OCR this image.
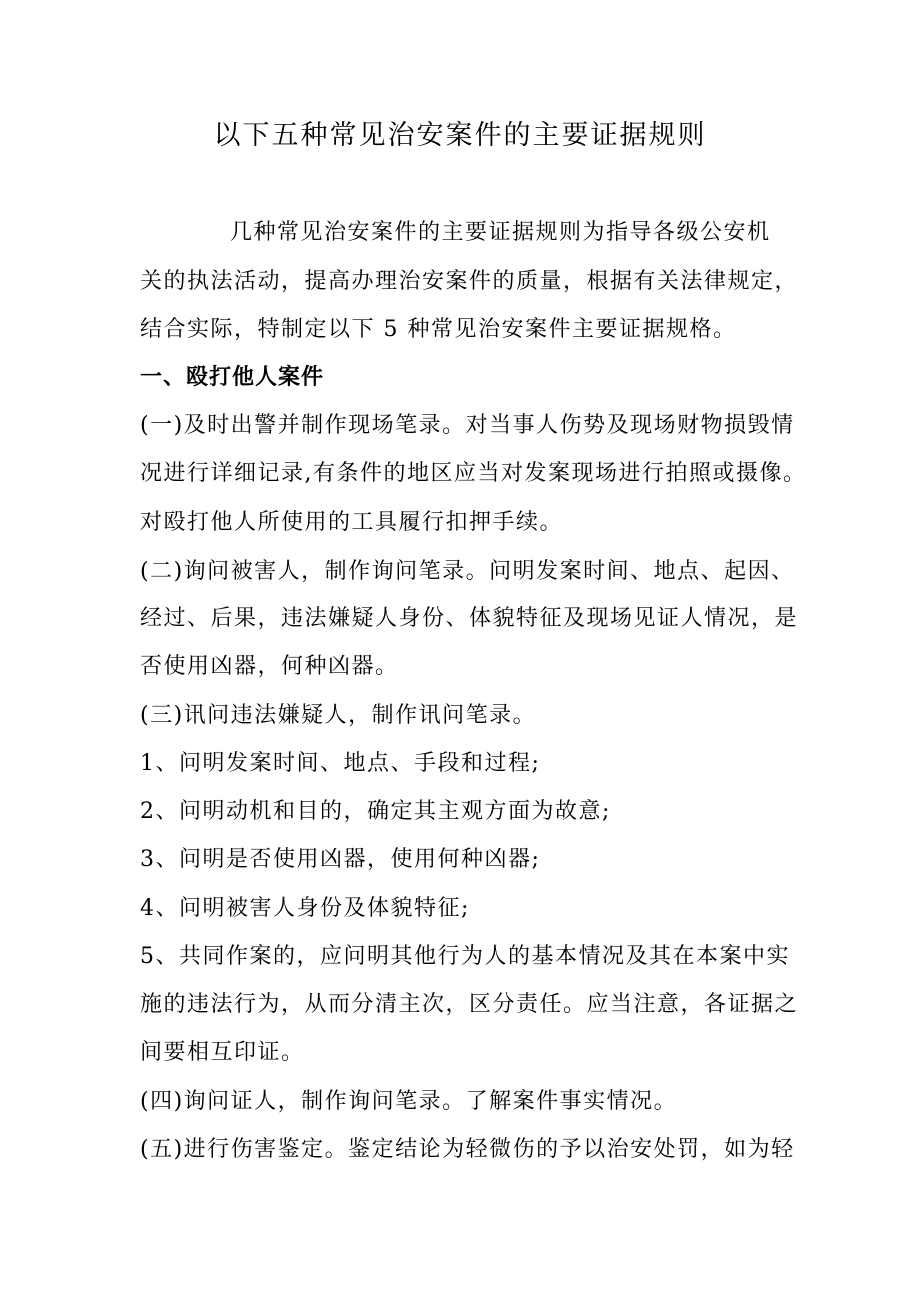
以下五种常见治安案件的主要证据规则
几种常见治安案件的主要证据规则为指导各级公安机
关的执法活动，提高办理治安案件的质量，根据有关法律规定，
结合实际，特制定以下 5 种常见治安案件主要证据规格。
一、殴打他人案件
(一)及时出警并制作现场笔录。对当事人伤势及现场财物损毁情
况进行详细记录,有条件的地区应当对发案现场进行拍照或摄像。
对殴打他人所使用的工具履行扣押手续。
(二)询问被害人，制作询问笔录。问明发案时间、地点、起因、
经过、后果，违法嫌疑人身份、体貌特征及现场见证人情况，是
否使用凶器，何种凶器。
(三)讯问违法嫌疑人，制作讯问笔录。
1、问明发案时间、地点、手段和过程;
2、问明动机和目的，确定其主观方面为故意;
3、问明是否使用凶器，使用何种凶器;
4、问明被害人身份及体貌特征;
5、共同作案的，应问明其他行为人的基本情况及其在本案中实
施的违法行为，从而分清主次，区分责任。应当注意，各证据之
间要相互印证。
(四)询问证人，制作询问笔录。了解案件事实情况。
(五)进行伤害鉴定。鉴定结论为轻微伤的予以治安处罚，如为轻
